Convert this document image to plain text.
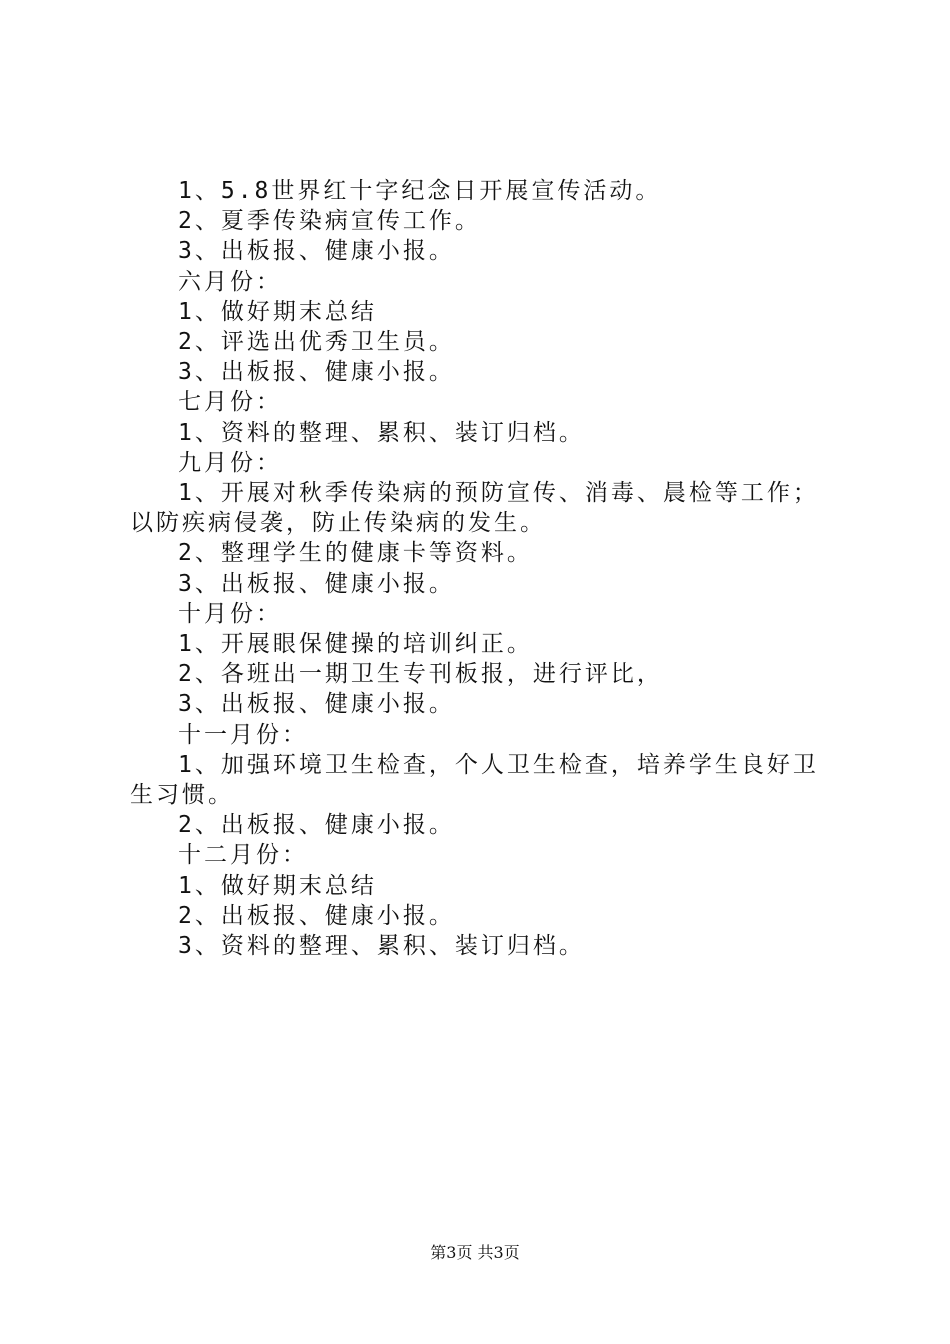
1、5.8世界红十字纪念日开展宣传活动。

2、夏季传染病宣传工作。

3、出板报、健康小报。

六月份：

1、做好期末总结

2、评选出优秀卫生员。

3、出板报、健康小报。

七月份：

1、资料的整理、累积、装订归档。

九月份：

1、开展对秋季传染病的预防宣传、消毒、晨检等工作；以防疾病侵袭，防止传染病的发生。

2、整理学生的健康卡等资料。

3、出板报、健康小报。

十月份：

1、开展眼保健操的培训纠正。

2、各班出一期卫生专刊板报，进行评比，

3、出板报、健康小报。

十一月份：

1、加强环境卫生检查，个人卫生检查，培养学生良好卫生习惯。

2、出板报、健康小报。

十二月份：

1、做好期末总结

2、出板报、健康小报。

3、资料的整理、累积、装订归档。

第3页 共3页
